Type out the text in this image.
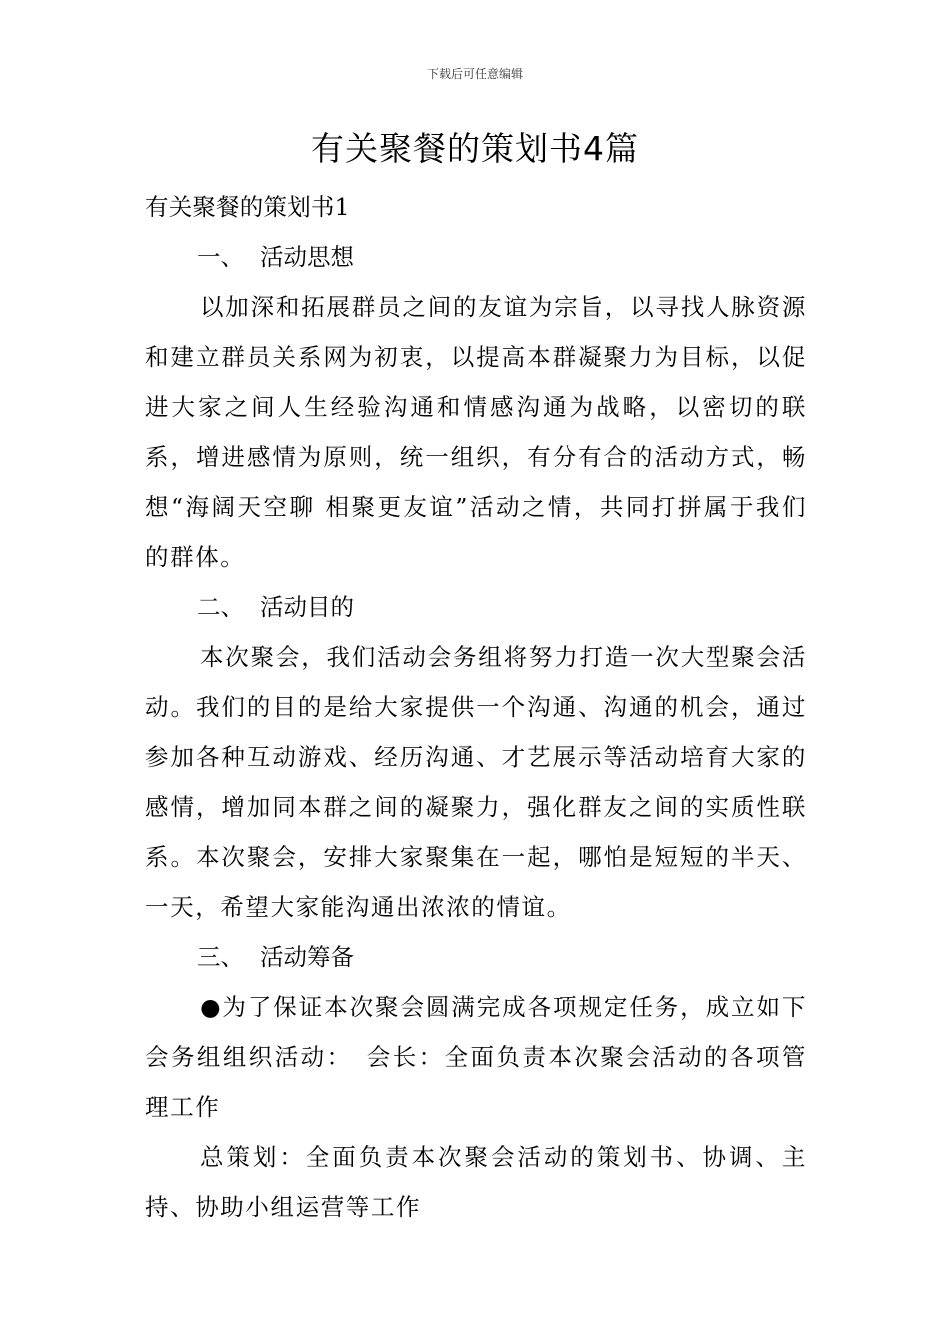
下载后可任意编辑
有关聚餐的策划书4篇

有关聚餐的策划书1

一、 活动思想

以加深和拓展群员之间的友谊为宗旨，以寻找人脉资源和建立群员关系网为初衷，以提高本群凝聚力为目标，以促进大家之间人生经验沟通和情感沟通为战略，以密切的联系，增进感情为原则，统一组织，有分有合的活动方式，畅想“海阔天空聊 相聚更友谊”活动之情，共同打拼属于我们的群体。

二、 活动目的

本次聚会，我们活动会务组将努力打造一次大型聚会活动。我们的目的是给大家提供一个沟通、沟通的机会，通过参加各种互动游戏、经历沟通、才艺展示等活动培育大家的感情，增加同本群之间的凝聚力，强化群友之间的实质性联系。本次聚会，安排大家聚集在一起，哪怕是短短的半天、一天，希望大家能沟通出浓浓的情谊。

三、 活动筹备

●为了保证本次聚会圆满完成各项规定任务，成立如下会务组组织活动：　会长：全面负责本次聚会活动的各项管理工作

总策划：全面负责本次聚会活动的策划书、协调、主持、协助小组运营等工作
